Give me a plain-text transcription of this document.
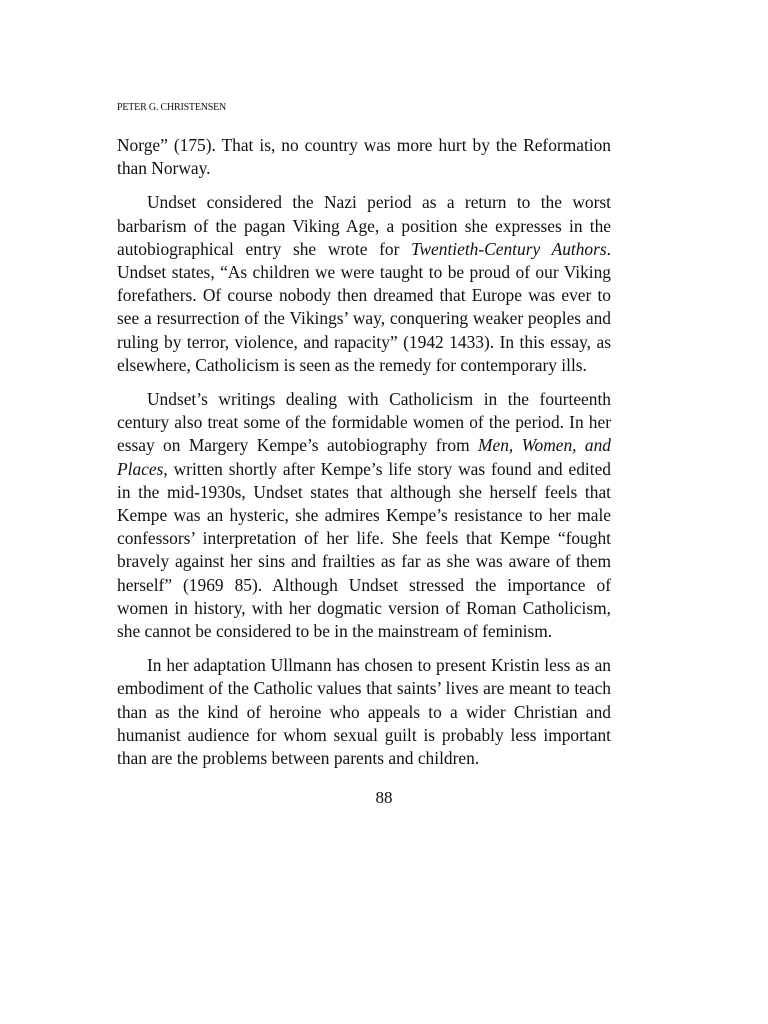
PETER G. CHRISTENSEN

Norge” (175). That is, no country was more hurt by the Reformation than Norway.

Undset considered the Nazi period as a return to the worst barbarism of the pagan Viking Age, a position she expresses in the autobiographical entry she wrote for Twentieth-Century Authors. Undset states, “As children we were taught to be proud of our Viking forefathers. Of course nobody then dreamed that Europe was ever to see a resurrection of the Vikings’ way, conquering weaker peoples and ruling by terror, violence, and rapacity” (1942 1433). In this essay, as elsewhere, Catholicism is seen as the remedy for contemporary ills.

Undset’s writings dealing with Catholicism in the fourteenth century also treat some of the formidable women of the period. In her essay on Margery Kempe’s autobiography from Men, Women, and Places, written shortly after Kempe’s life story was found and edited in the mid-1930s, Undset states that although she herself feels that Kempe was an hysteric, she admires Kempe’s resistance to her male confessors’ interpretation of her life. She feels that Kempe “fought bravely against her sins and frailties as far as she was aware of them herself” (1969 85). Although Undset stressed the importance of women in history, with her dogmatic version of Roman Catholicism, she cannot be considered to be in the mainstream of feminism.

In her adaptation Ullmann has chosen to present Kristin less as an embodiment of the Catholic values that saints’ lives are meant to teach than as the kind of heroine who appeals to a wider Christian and humanist audience for whom sexual guilt is probably less important than are the problems between parents and children.

88
